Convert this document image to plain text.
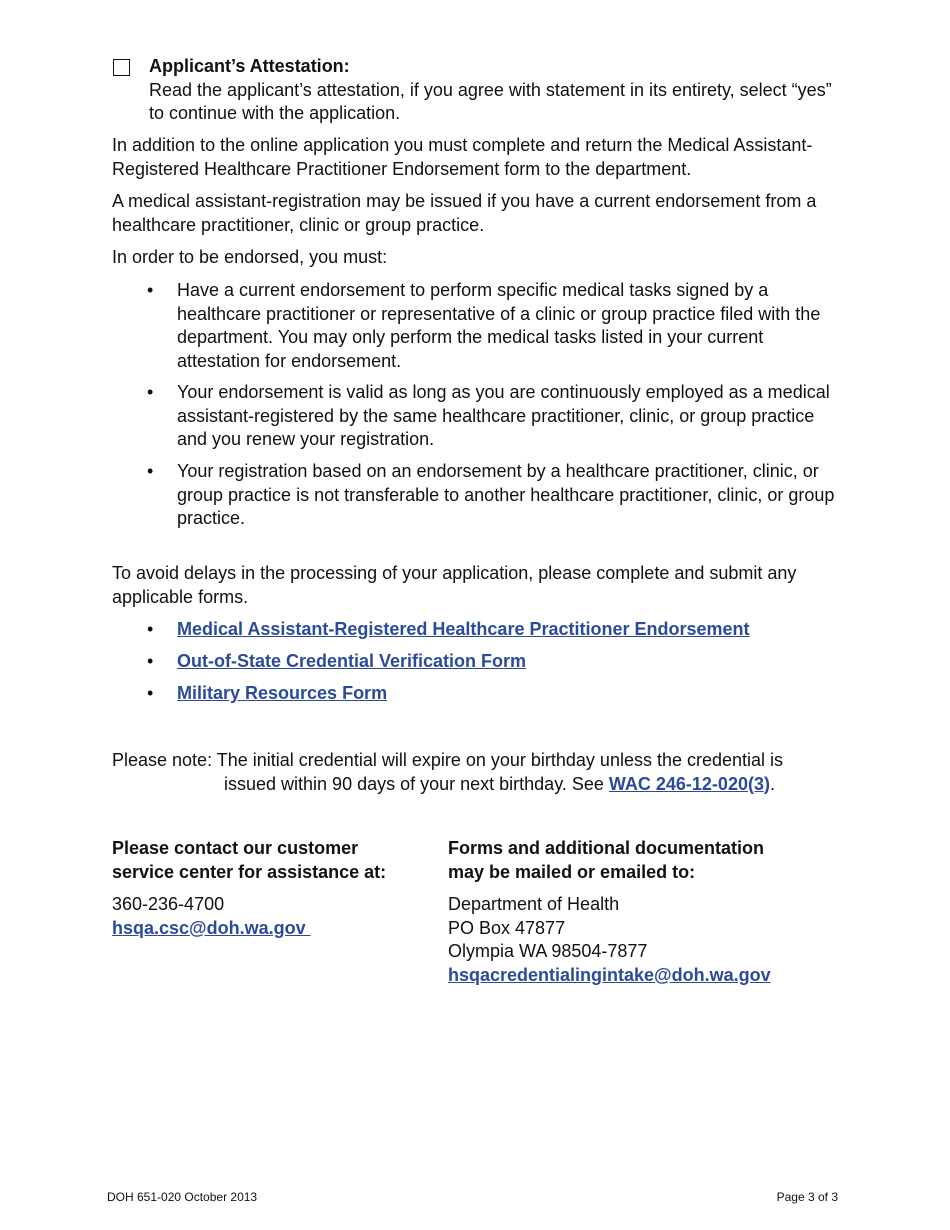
Applicant’s Attestation:

Read the applicant’s attestation, if you agree with statement in its entirety, select “yes” to continue with the application.

In addition to the online application you must complete and return the Medical Assistant-Registered Healthcare Practitioner Endorsement form to the department.

A medical assistant-registration may be issued if you have a current endorsement from a healthcare practitioner, clinic or group practice.

In order to be endorsed, you must:

• Have a current endorsement to perform specific medical tasks signed by a healthcare practitioner or representative of a clinic or group practice filed with the department. You may only perform the medical tasks listed in your current attestation for endorsement.
• Your endorsement is valid as long as you are continuously employed as a medical assistant-registered by the same healthcare practitioner, clinic, or group practice and you renew your registration.
• Your registration based on an endorsement by a healthcare practitioner, clinic, or group practice is not transferable to another healthcare practitioner, clinic, or group practice.

To avoid delays in the processing of your application, please complete and submit any applicable forms.

• Medical Assistant-Registered Healthcare Practitioner Endorsement
• Out-of-State Credential Verification Form
• Military Resources Form
Please note: The initial credential will expire on your birthday unless the credential is
issued within 90 days of your next birthday. See WAC 246-12-020(3).
Please contact our customer
service center for assistance at:
360-236-4700
hsqa.csc@doh.wa.gov
Forms and additional documentation
may be mailed or emailed to:
Department of Health
PO Box 47877
Olympia WA 98504-7877
hsqacredentialingintake@doh.wa.gov
DOH 651-020 October 2013	Page 3 of 3
